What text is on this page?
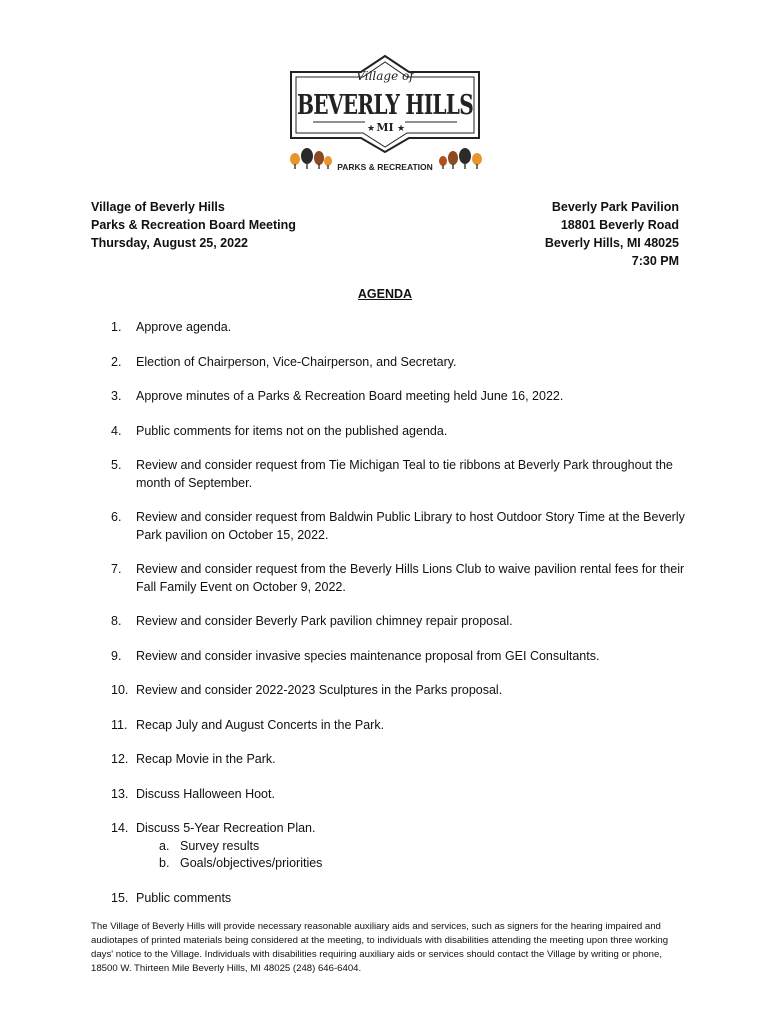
Village of
BEVERLY HILLS
★ ★
MI
PARKS & RECREATION
Village of Beverly Hills
Parks & Recreation Board Meeting
Thursday, August 25, 2022
Beverly Park Pavilion
18801 Beverly Road
Beverly Hills, MI 48025
7:30 PM
AGENDA
1. Approve agenda.
2. Election of Chairperson, Vice-Chairperson, and Secretary.
3. Approve minutes of a Parks & Recreation Board meeting held June 16, 2022.
4. Public comments for items not on the published agenda.
5. Review and consider request from Tie Michigan Teal to tie ribbons at Beverly Park throughout the month of September.
6. Review and consider request from Baldwin Public Library to host Outdoor Story Time at the Beverly Park pavilion on October 15, 2022.
7. Review and consider request from the Beverly Hills Lions Club to waive pavilion rental fees for their Fall Family Event on October 9, 2022.
8. Review and consider Beverly Park pavilion chimney repair proposal.
9. Review and consider invasive species maintenance proposal from GEI Consultants.
10. Review and consider 2022-2023 Sculptures in the Parks proposal.
11. Recap July and August Concerts in the Park.
12. Recap Movie in the Park.
13. Discuss Halloween Hoot.
14. Discuss 5-Year Recreation Plan.
a. Survey results
b. Goals/objectives/priorities
15. Public comments
The Village of Beverly Hills will provide necessary reasonable auxiliary aids and services, such as signers for the hearing impaired and audiotapes of printed materials being considered at the meeting, to individuals with disabilities attending the meeting upon three working days' notice to the Village. Individuals with disabilities requiring auxiliary aids or services should contact the Village by writing or phone, 18500 W. Thirteen Mile Beverly Hills, MI 48025 (248) 646-6404.
